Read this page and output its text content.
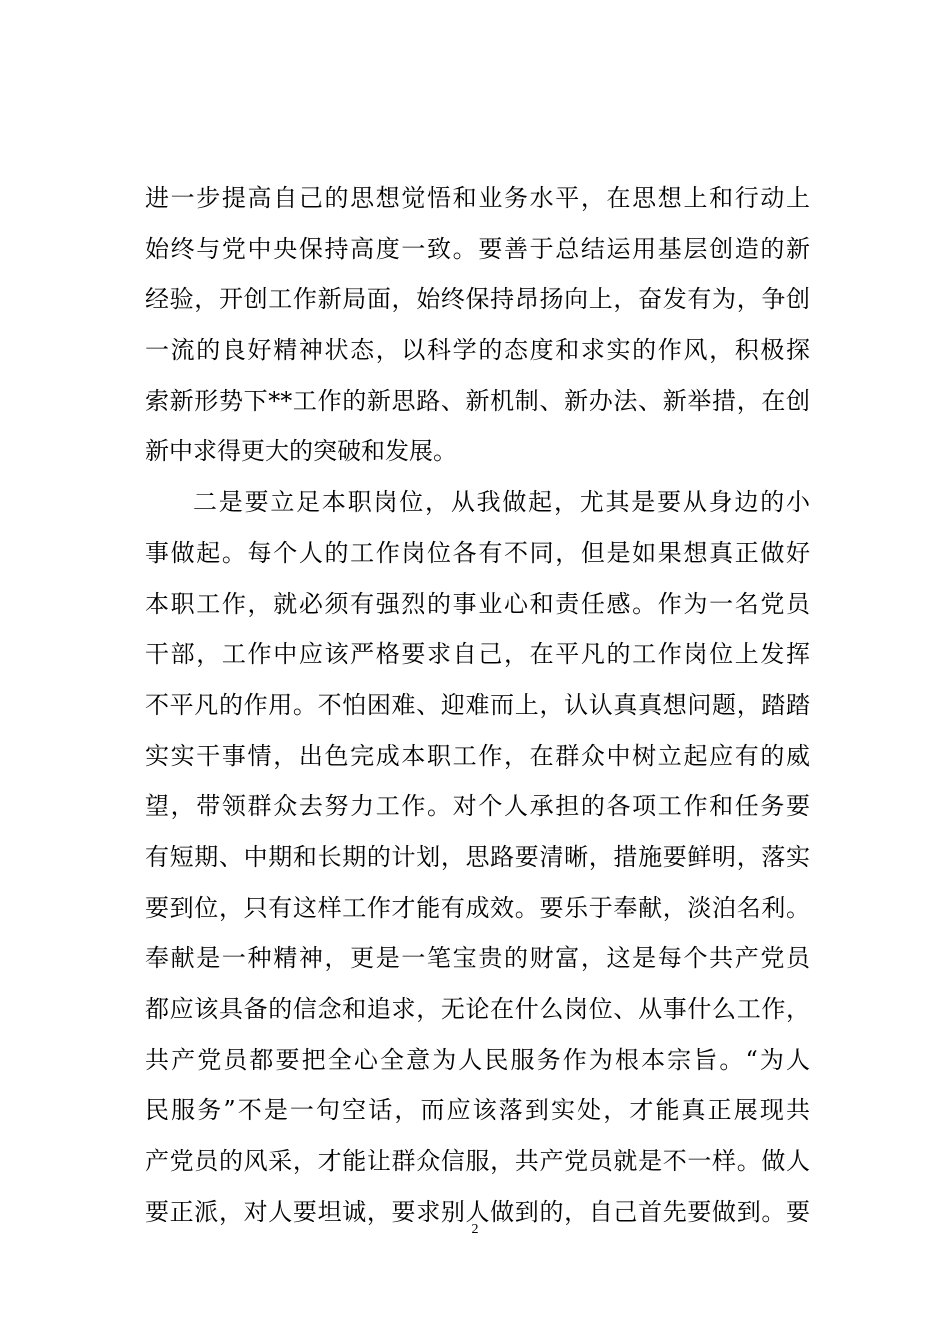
进一步提高自己的思想觉悟和业务水平，在思想上和行动上
始终与党中央保持高度一致。要善于总结运用基层创造的新
经验，开创工作新局面，始终保持昂扬向上，奋发有为，争创
一流的良好精神状态，以科学的态度和求实的作风，积极探
索新形势下**工作的新思路、新机制、新办法、新举措，在创
新中求得更大的突破和发展。
二是要立足本职岗位，从我做起，尤其是要从身边的小
事做起。每个人的工作岗位各有不同，但是如果想真正做好
本职工作，就必须有强烈的事业心和责任感。作为一名党员
干部，工作中应该严格要求自己，在平凡的工作岗位上发挥
不平凡的作用。不怕困难、迎难而上，认认真真想问题，踏踏
实实干事情，出色完成本职工作，在群众中树立起应有的威
望，带领群众去努力工作。对个人承担的各项工作和任务要
有短期、中期和长期的计划，思路要清晰，措施要鲜明，落实
要到位，只有这样工作才能有成效。要乐于奉献，淡泊名利。
奉献是一种精神，更是一笔宝贵的财富，这是每个共产党员
都应该具备的信念和追求，无论在什么岗位、从事什么工作，
共产党员都要把全心全意为人民服务作为根本宗旨。“为人
民服务”不是一句空话，而应该落到实处，才能真正展现共
产党员的风采，才能让群众信服，共产党员就是不一样。做人
要正派，对人要坦诚，要求别人做到的，自己首先要做到。要
2
